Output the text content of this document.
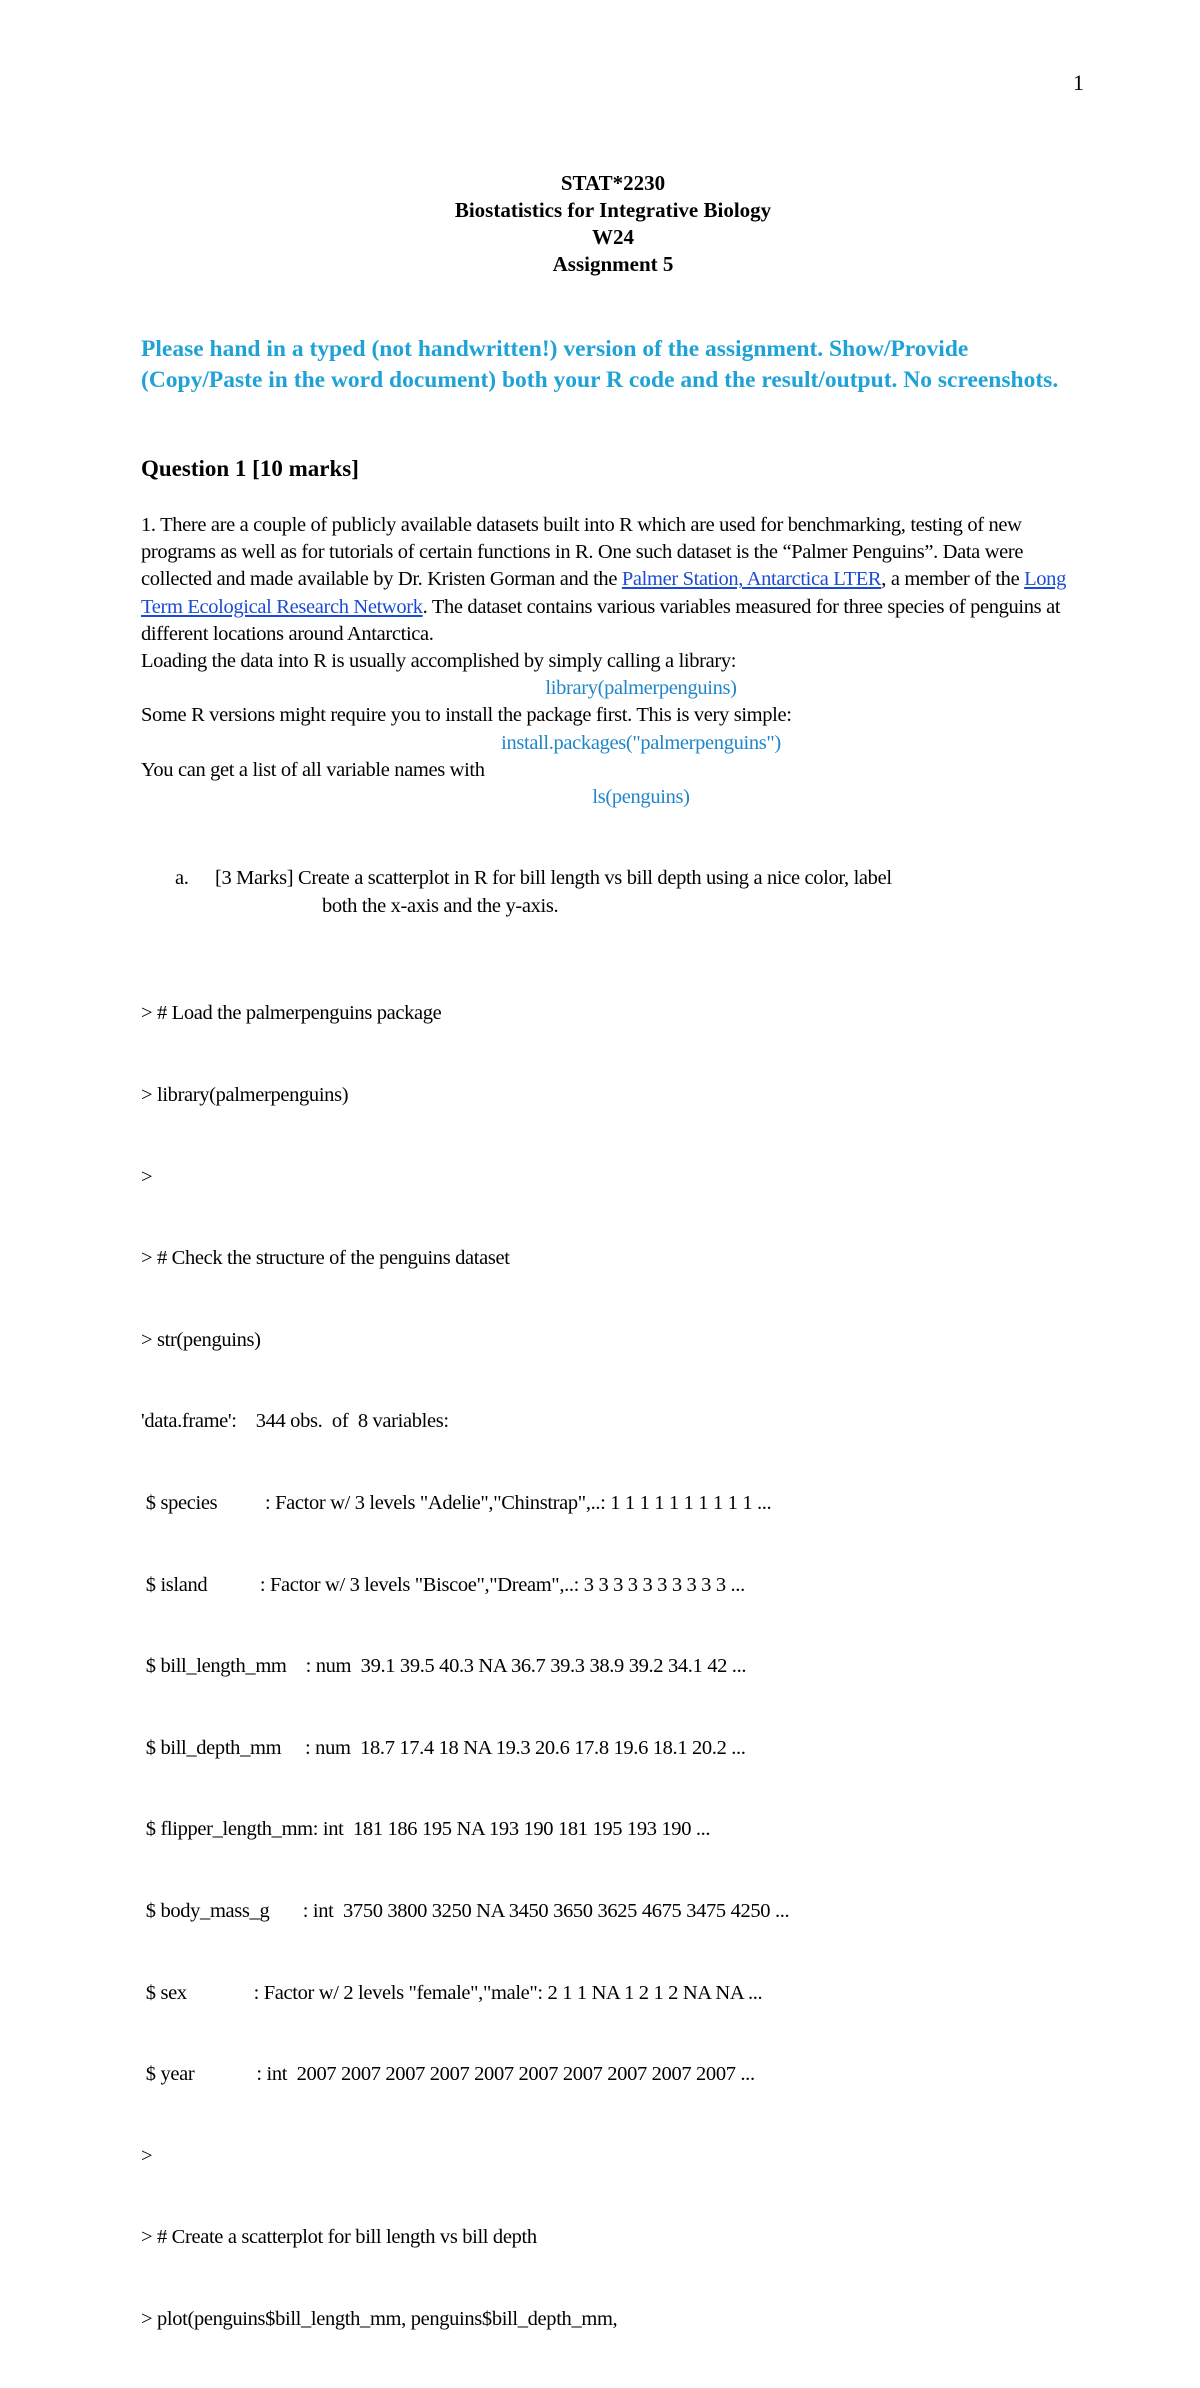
1
STAT*2230
Biostatistics for Integrative Biology
W24
Assignment 5
Please hand in a typed (not handwritten!) version of the assignment. Show/Provide (Copy/Paste in the word document) both your R code and the result/output. No screenshots.
Question 1 [10 marks]

1. There are a couple of publicly available datasets built into R which are used for benchmarking, testing of new programs as well as for tutorials of certain functions in R. One such dataset is the “Palmer Penguins”. Data were collected and made available by Dr. Kristen Gorman and the Palmer Station, Antarctica LTER, a member of the Long Term Ecological Research Network. The dataset contains various variables measured for three species of penguins at different locations around Antarctica.

Loading the data into R is usually accomplished by simply calling a library:

library(palmerpenguins)

Some R versions might require you to install the package first. This is very simple:

install.packages("palmerpenguins")

You can get a list of all variable names with

ls(penguins)

a. [3 Marks] Create a scatterplot in R for bill length vs bill depth using a nice color, label
both the x-axis and the y-axis.

> # Load the palmerpenguins package

> library(palmerpenguins)

>

> # Check the structure of the penguins dataset

> str(penguins)

'data.frame':    344 obs.  of  8 variables:

$ species          : Factor w/ 3 levels "Adelie","Chinstrap",..: 1 1 1 1 1 1 1 1 1 1 ...

$ island           : Factor w/ 3 levels "Biscoe","Dream",..: 3 3 3 3 3 3 3 3 3 3 ...

$ bill_length_mm    : num  39.1 39.5 40.3 NA 36.7 39.3 38.9 39.2 34.1 42 ...

$ bill_depth_mm     : num  18.7 17.4 18 NA 19.3 20.6 17.8 19.6 18.1 20.2 ...

$ flipper_length_mm: int  181 186 195 NA 193 190 181 195 193 190 ...

$ body_mass_g       : int  3750 3800 3250 NA 3450 3650 3625 4675 3475 4250 ...

$ sex              : Factor w/ 2 levels "female","male": 2 1 1 NA 1 2 1 2 NA NA ...

$ year             : int  2007 2007 2007 2007 2007 2007 2007 2007 2007 2007 ...

>

> # Create a scatterplot for bill length vs bill depth

> plot(penguins$bill_length_mm, penguins$bill_depth_mm,
